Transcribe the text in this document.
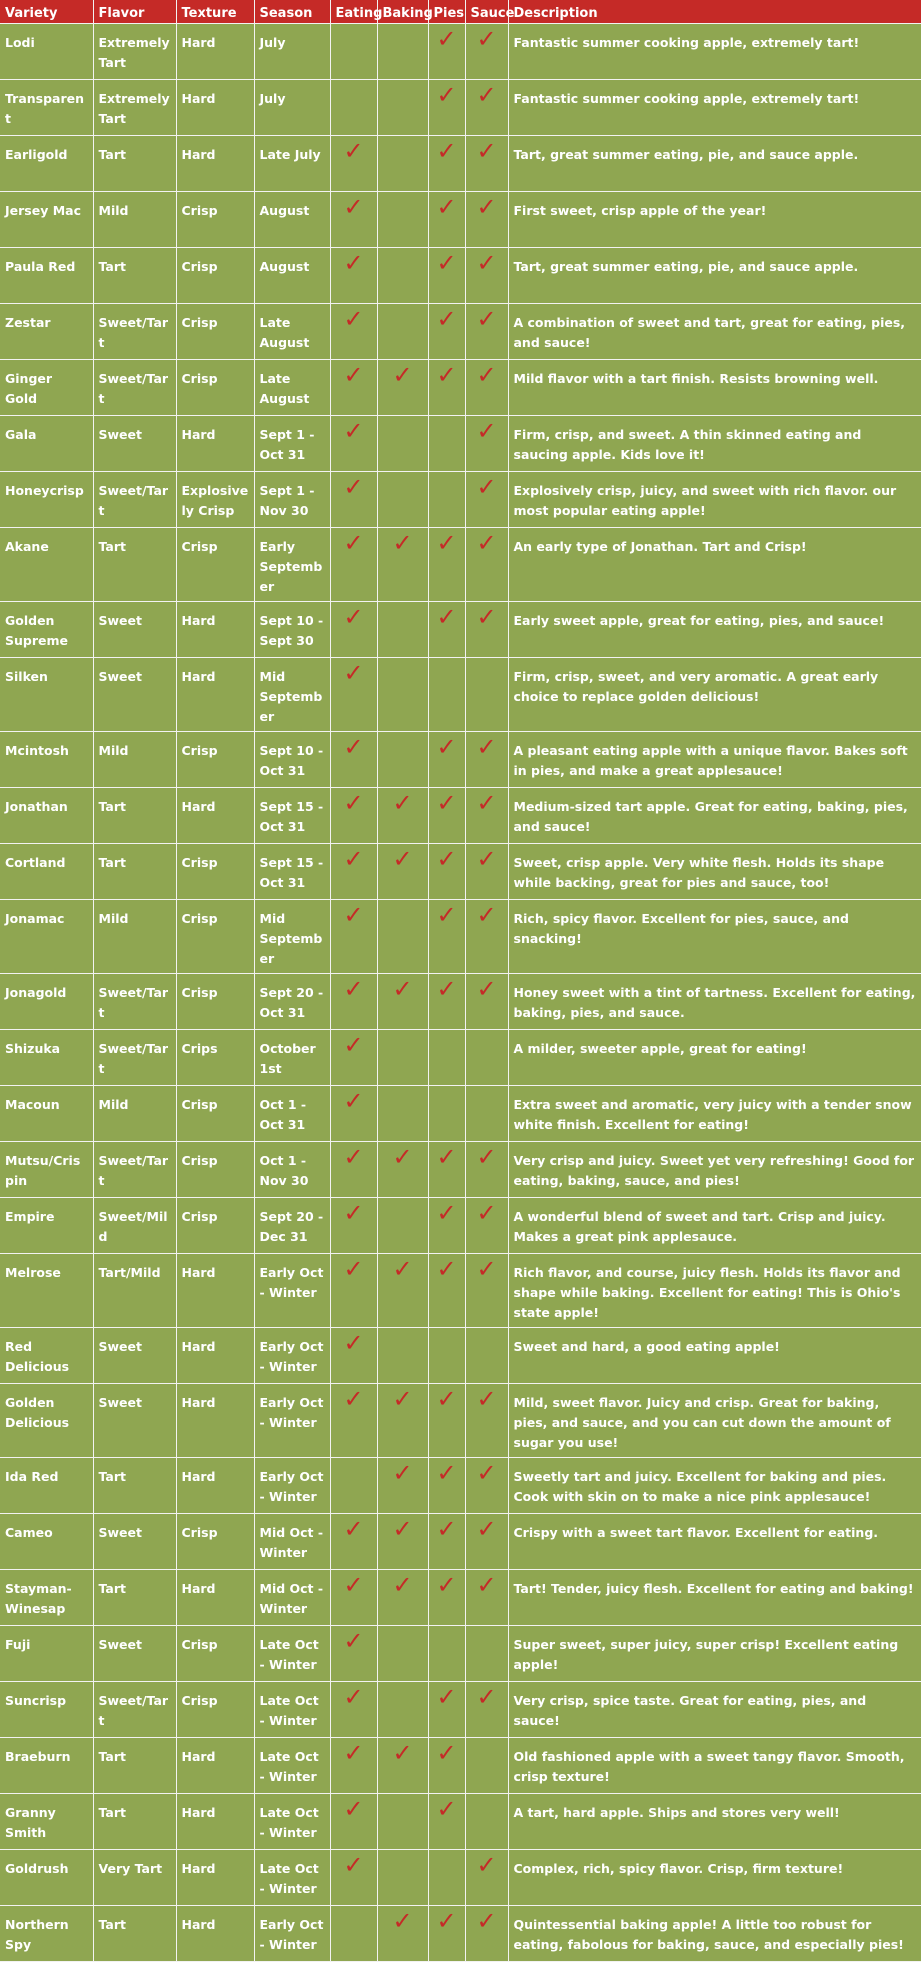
Variety	Flavor	Texture	Season	Eating	Baking	Pies	Sauce	Description
Lodi	Extremely Tart	Hard	July			✓	✓	Fantastic summer cooking apple, extremely tart!
Transparent	Extremely Tart	Hard	July			✓	✓	Fantastic summer cooking apple, extremely tart!
Earligold	Tart	Hard	Late July	✓		✓	✓	Tart, great summer eating, pie, and sauce apple.
Jersey Mac	Mild	Crisp	August	✓		✓	✓	First sweet, crisp apple of the year!
Paula Red	Tart	Crisp	August	✓		✓	✓	Tart, great summer eating, pie, and sauce apple.
Zestar	Sweet/Tart	Crisp	Late August	✓		✓	✓	A combination of sweet and tart, great for eating, pies, and sauce!
Ginger Gold	Sweet/Tart	Crisp	Late August	✓	✓	✓	✓	Mild flavor with a tart finish. Resists browning well.
Gala	Sweet	Hard	Sept 1 - Oct 31	✓			✓	Firm, crisp, and sweet. A thin skinned eating and saucing apple. Kids love it!
Honeycrisp	Sweet/Tart	Explosively Crisp	Sept 1 - Nov 30	✓			✓	Explosively crisp, juicy, and sweet with rich flavor. our most popular eating apple!
Akane	Tart	Crisp	Early September	✓	✓	✓	✓	An early type of Jonathan. Tart and Crisp!
Golden Supreme	Sweet	Hard	Sept 10 - Sept 30	✓		✓	✓	Early sweet apple, great for eating, pies, and sauce!
Silken	Sweet	Hard	Mid September	✓				Firm, crisp, sweet, and very aromatic. A great early choice to replace golden delicious!
Mcintosh	Mild	Crisp	Sept 10 - Oct 31	✓		✓	✓	A pleasant eating apple with a unique flavor. Bakes soft in pies, and make a great applesauce!
Jonathan	Tart	Hard	Sept 15 - Oct 31	✓	✓	✓	✓	Medium-sized tart apple. Great for eating, baking, pies, and sauce!
Cortland	Tart	Crisp	Sept 15 - Oct 31	✓	✓	✓	✓	Sweet, crisp apple. Very white flesh. Holds its shape while backing, great for pies and sauce, too!
Jonamac	Mild	Crisp	Mid September	✓		✓	✓	Rich, spicy flavor. Excellent for pies, sauce, and snacking!
Jonagold	Sweet/Tart	Crisp	Sept 20 - Oct 31	✓	✓	✓	✓	Honey sweet with a tint of tartness. Excellent for eating, baking, pies, and sauce.
Shizuka	Sweet/Tart	Crips	October 1st	✓				A milder, sweeter apple, great for eating!
Macoun	Mild	Crisp	Oct 1 - Oct 31	✓				Extra sweet and aromatic, very juicy with a tender snow white finish. Excellent for eating!
Mutsu/Crispin	Sweet/Tart	Crisp	Oct 1 - Nov 30	✓	✓	✓	✓	Very crisp and juicy. Sweet yet very refreshing! Good for eating, baking, sauce, and pies!
Empire	Sweet/Mild	Crisp	Sept 20 - Dec 31	✓		✓	✓	A wonderful blend of sweet and tart. Crisp and juicy. Makes a great pink applesauce.
Melrose	Tart/Mild	Hard	Early Oct - Winter	✓	✓	✓	✓	Rich flavor, and course, juicy flesh. Holds its flavor and shape while baking. Excellent for eating! This is Ohio's state apple!
Red Delicious	Sweet	Hard	Early Oct - Winter	✓				Sweet and hard, a good eating apple!
Golden Delicious	Sweet	Hard	Early Oct - Winter	✓	✓	✓	✓	Mild, sweet flavor. Juicy and crisp. Great for baking, pies, and sauce, and you can cut down the amount of sugar you use!
Ida Red	Tart	Hard	Early Oct - Winter		✓	✓	✓	Sweetly tart and juicy. Excellent for baking and pies. Cook with skin on to make a nice pink applesauce!
Cameo	Sweet	Crisp	Mid Oct - Winter	✓	✓	✓	✓	Crispy with a sweet tart flavor. Excellent for eating.
Stayman-Winesap	Tart	Hard	Mid Oct - Winter	✓	✓	✓	✓	Tart! Tender, juicy flesh. Excellent for eating and baking!
Fuji	Sweet	Crisp	Late Oct - Winter	✓				Super sweet, super juicy, super crisp! Excellent eating apple!
Suncrisp	Sweet/Tart	Crisp	Late Oct - Winter	✓		✓	✓	Very crisp, spice taste. Great for eating, pies, and sauce!
Braeburn	Tart	Hard	Late Oct - Winter	✓	✓	✓		Old fashioned apple with a sweet tangy flavor. Smooth, crisp texture!
Granny Smith	Tart	Hard	Late Oct - Winter	✓		✓		A tart, hard apple. Ships and stores very well!
Goldrush	Very Tart	Hard	Late Oct - Winter	✓			✓	Complex, rich, spicy flavor. Crisp, firm texture!
Northern Spy	Tart	Hard	Early Oct - Winter		✓	✓	✓	Quintessential baking apple! A little too robust for eating, fabolous for baking, sauce, and especially pies!
